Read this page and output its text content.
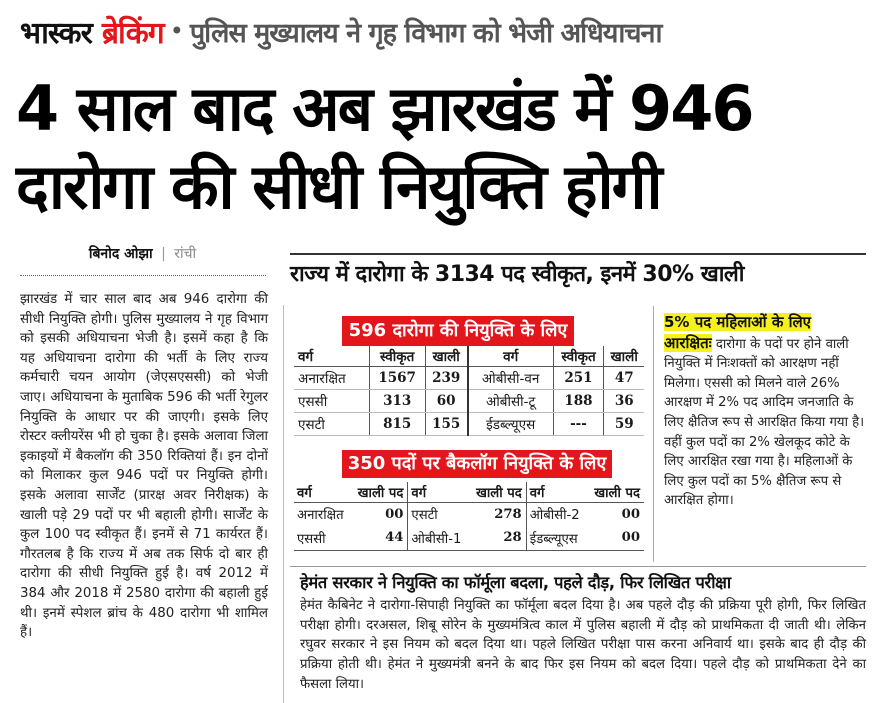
भास्कर ब्रेकिंग • पुलिस मुख्यालय ने गृह विभाग को भेजी अधियाचना
4 साल बाद अब झारखंड में 946
दारोगा की सीधी नियुक्ति होगी
बिनोद ओझा | रांची
झारखंड में चार साल बाद अब 946 दारोगा की सीधी नियुक्ति होगी। पुलिस मुख्यालय ने गृह विभाग को इसकी अधियाचना भेजी है। इसमें कहा है कि यह अधियाचना दारोगा की भर्ती के लिए राज्य कर्मचारी चयन आयोग (जेएसएससी) को भेजी जाए। अधियाचना के मुताबिक 596 की भर्ती रेगुलर नियुक्ति के आधार पर की जाएगी। इसके लिए रोस्टर क्लीयरेंस भी हो चुका है। इसके अलावा जिला इकाइयों में बैकलॉग की 350 रिक्तियां हैं। इन दोनों को मिलाकर कुल 946 पदों पर नियुक्ति होगी। इसके अलावा सार्जेंट (प्रारक्ष अवर निरीक्षक) के खाली पड़े 29 पदों पर भी बहाली होगी। सार्जेंट के कुल 100 पद स्वीकृत हैं। इनमें से 71 कार्यरत हैं। गौरतलब है कि राज्य में अब तक सिर्फ दो बार ही दारोगा की सीधी नियुक्ति हुई है। वर्ष 2012 में 384 और 2018 में 2580 दारोगा की बहाली हुई थी। इनमें स्पेशल ब्रांच के 480 दारोगा भी शामिल हैं।
राज्य में दारोगा के 3134 पद स्वीकृत, इनमें 30% खाली
596 दारोगा की नियुक्ति के लिए
वर्ग	स्वीकृत	खाली	वर्ग	स्वीकृत	खाली
अनारक्षित	1567	239	ओबीसी-वन	251	47
एससी	313	60	ओबीसी-टू	188	36
एसटी	815	155	ईडब्ल्यूएस	---	59
350 पदों पर बैकलॉग नियुक्ति के लिए
वर्ग	खाली पद	वर्ग	खाली पद	वर्ग	खाली पद
अनारक्षित	00	एसटी	278	ओबीसी-2	00
एससी	44	ओबीसी-1	28	ईडब्ल्यूएस	00
5% पद महिलाओं के लिए
आरक्षितः दारोगा के पदों पर होने वाली नियुक्ति में निःशक्तों को आरक्षण नहीं मिलेगा। एससी को मिलने वाले 26% आरक्षण में 2% पद आदिम जनजाति के लिए क्षैतिज रूप से आरक्षित किया गया है। वहीं कुल पदों का 2% खेलकूद कोटे के लिए आरक्षित रखा गया है। महिलाओं के लिए कुल पदों का 5% क्षैतिज रूप से आरक्षित होगा।
हेमंत सरकार ने नियुक्ति का फॉर्मूला बदला, पहले दौड़, फिर लिखित परीक्षा
हेमंत कैबिनेट ने दारोगा-सिपाही नियुक्ति का फॉर्मूला बदल दिया है। अब पहले दौड़ की प्रक्रिया पूरी होगी, फिर लिखित परीक्षा होगी। दरअसल, शिबू सोरेन के मुख्यमंत्रित्व काल में पुलिस बहाली में दौड़ को प्राथमिकता दी जाती थी। लेकिन रघुवर सरकार ने इस नियम को बदल दिया था। पहले लिखित परीक्षा पास करना अनिवार्य था। इसके बाद ही दौड़ की प्रक्रिया होती थी। हेमंत ने मुख्यमंत्री बनने के बाद फिर इस नियम को बदल दिया। पहले दौड़ को प्राथमिकता देने का फैसला लिया।
